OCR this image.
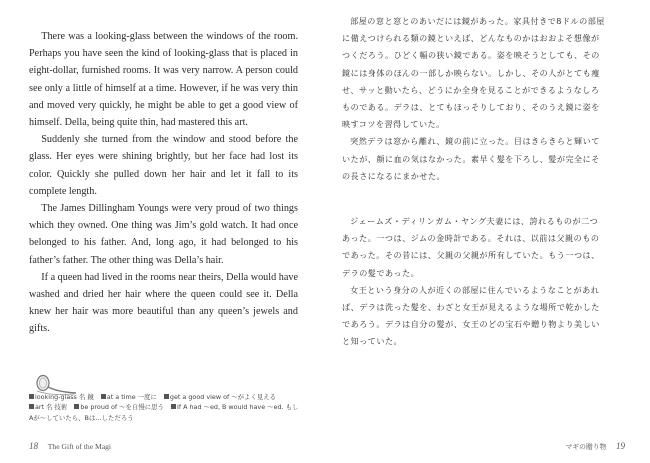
There was a looking-glass between the windows of the room. Perhaps you have seen the kind of looking-glass that is placed in eight-dollar, furnished rooms. It was very narrow. A person could see only a little of himself at a time. However, if he was very thin and moved very quickly, he might be able to get a good view of himself. Della, being quite thin, had mastered this art.

Suddenly she turned from the window and stood before the glass. Her eyes were shining brightly, but her face had lost its color. Quickly she pulled down her hair and let it fall to its complete length.

The James Dillingham Youngs were very proud of two things which they owned. One thing was Jim’s gold watch. It had once belonged to his father. And, long ago, it had belonged to his father’s father. The other thing was Della’s hair.

If a queen had lived in the rooms near theirs, Della would have washed and dried her hair where the queen could see it. Della knew her hair was more beautiful than any queen’s jewels and gifts.

looking-glass 名 鏡 at a time 一度に get a good view of ～がよく見える
art 名 技術 be proud of ～を自慢に思う If A had ～ed, B would have ～ed. もしAが～していたら、Bは…しただろう
18 The Gift of the Magi

部屋の窓と窓とのあいだには鏡があった。家具付きで8ドルの部屋に備えつけられる類の鏡といえば、どんなものかはおおよそ想像がつくだろう。ひどく幅の狭い鏡である。姿を映そうとしても、その鏡には身体のほんの一部しか映らない。しかし、その人がとても痩せ、サッと動いたら、どうにか全身を見ることができるようなしろものである。デラは、とてもほっそりしており、そのうえ鏡に姿を映すコツを習得していた。

突然デラは窓から離れ、鏡の前に立った。目はきらきらと輝いていたが、顔に血の気はなかった。素早く髪を下ろし、髪が完全にその長さになるにまかせた。

ジェームズ・ディリンガム・ヤング夫妻には、誇れるものが二つあった。一つは、ジムの金時計である。それは、以前は父親のものであった。その昔には、父親の父親が所有していた。もう一つは、デラの髪であった。

女王という身分の人が近くの部屋に住んでいるようなことがあれば、デラは洗った髪を、わざと女王が見えるような場所で乾かしたであろう。デラは自分の髪が、女王のどの宝石や贈り物より美しいと知っていた。

マギの贈り物 19
